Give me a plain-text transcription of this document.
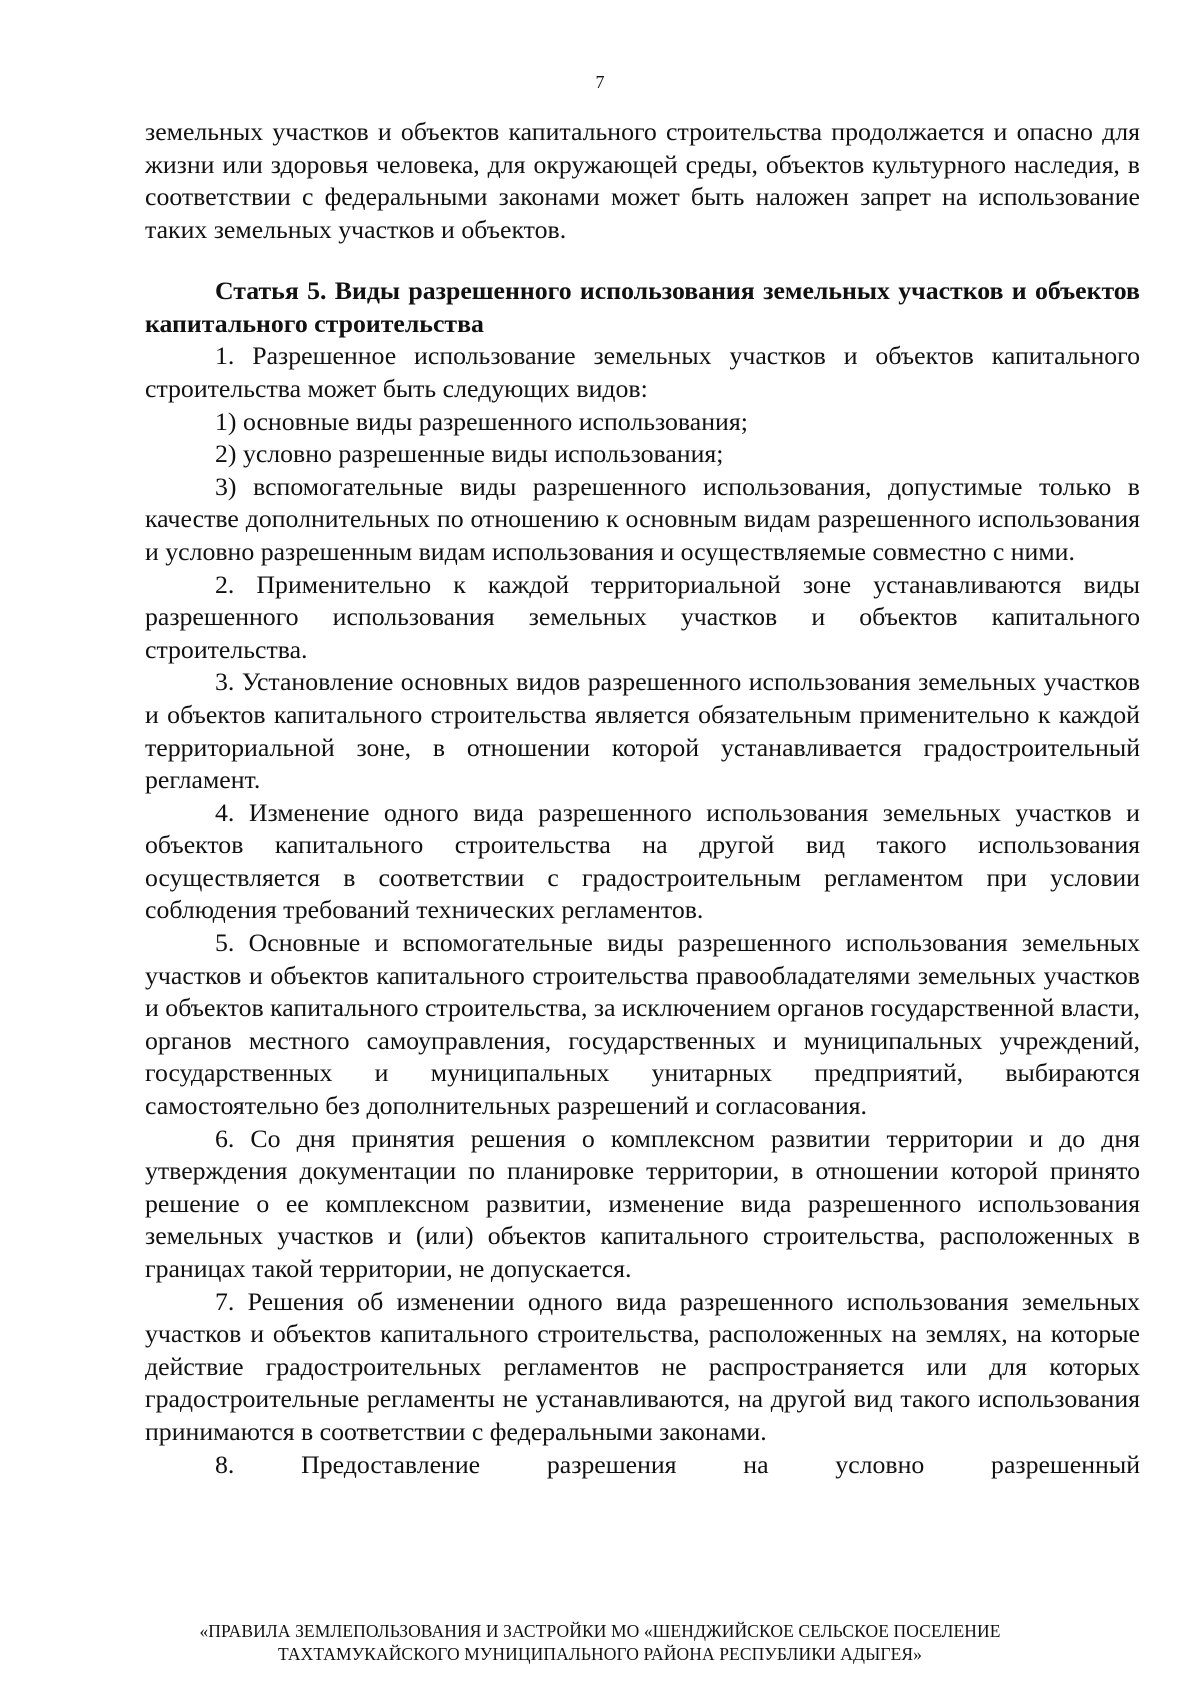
7

земельных участков и объектов капитального строительства продолжается и опасно для жизни или здоровья человека, для окружающей среды, объектов культурного наследия, в соответствии с федеральными законами может быть наложен запрет на использование таких земельных участков и объектов.

Статья 5. Виды разрешенного использования земельных участков и объектов капитального строительства

1. Разрешенное использование земельных участков и объектов капитального строительства может быть следующих видов:

1) основные виды разрешенного использования;

2) условно разрешенные виды использования;

3) вспомогательные виды разрешенного использования, допустимые только в качестве дополнительных по отношению к основным видам разрешенного использования и условно разрешенным видам использования и осуществляемые совместно с ними.

2. Применительно к каждой территориальной зоне устанавливаются виды разрешенного использования земельных участков и объектов капитального строительства.

3. Установление основных видов разрешенного использования земельных участков и объектов капитального строительства является обязательным применительно к каждой территориальной зоне, в отношении которой устанавливается градостроительный регламент.

4. Изменение одного вида разрешенного использования земельных участков и объектов капитального строительства на другой вид такого использования осуществляется в соответствии с градостроительным регламентом при условии соблюдения требований технических регламентов.

5. Основные и вспомогательные виды разрешенного использования земельных участков и объектов капитального строительства правообладателями земельных участков и объектов капитального строительства, за исключением органов государственной власти, органов местного самоуправления, государственных и муниципальных учреждений, государственных и муниципальных унитарных предприятий, выбираются самостоятельно без дополнительных разрешений и согласования.

6. Со дня принятия решения о комплексном развитии территории и до дня утверждения документации по планировке территории, в отношении которой принято решение о ее комплексном развитии, изменение вида разрешенного использования земельных участков и (или) объектов капитального строительства, расположенных в границах такой территории, не допускается.

7. Решения об изменении одного вида разрешенного использования земельных участков и объектов капитального строительства, расположенных на землях, на которые действие градостроительных регламентов не распространяется или для которых градостроительные регламенты не устанавливаются, на другой вид такого использования принимаются в соответствии с федеральными законами.

8. Предоставление разрешения на условно разрешенный

«ПРАВИЛА ЗЕМЛЕПОЛЬЗОВАНИЯ И ЗАСТРОЙКИ МО «ШЕНДЖИЙСКОЕ СЕЛЬСКОЕ ПОСЕЛЕНИЕ
ТАХТАМУКАЙСКОГО МУНИЦИПАЛЬНОГО РАЙОНА РЕСПУБЛИКИ АДЫГЕЯ»
